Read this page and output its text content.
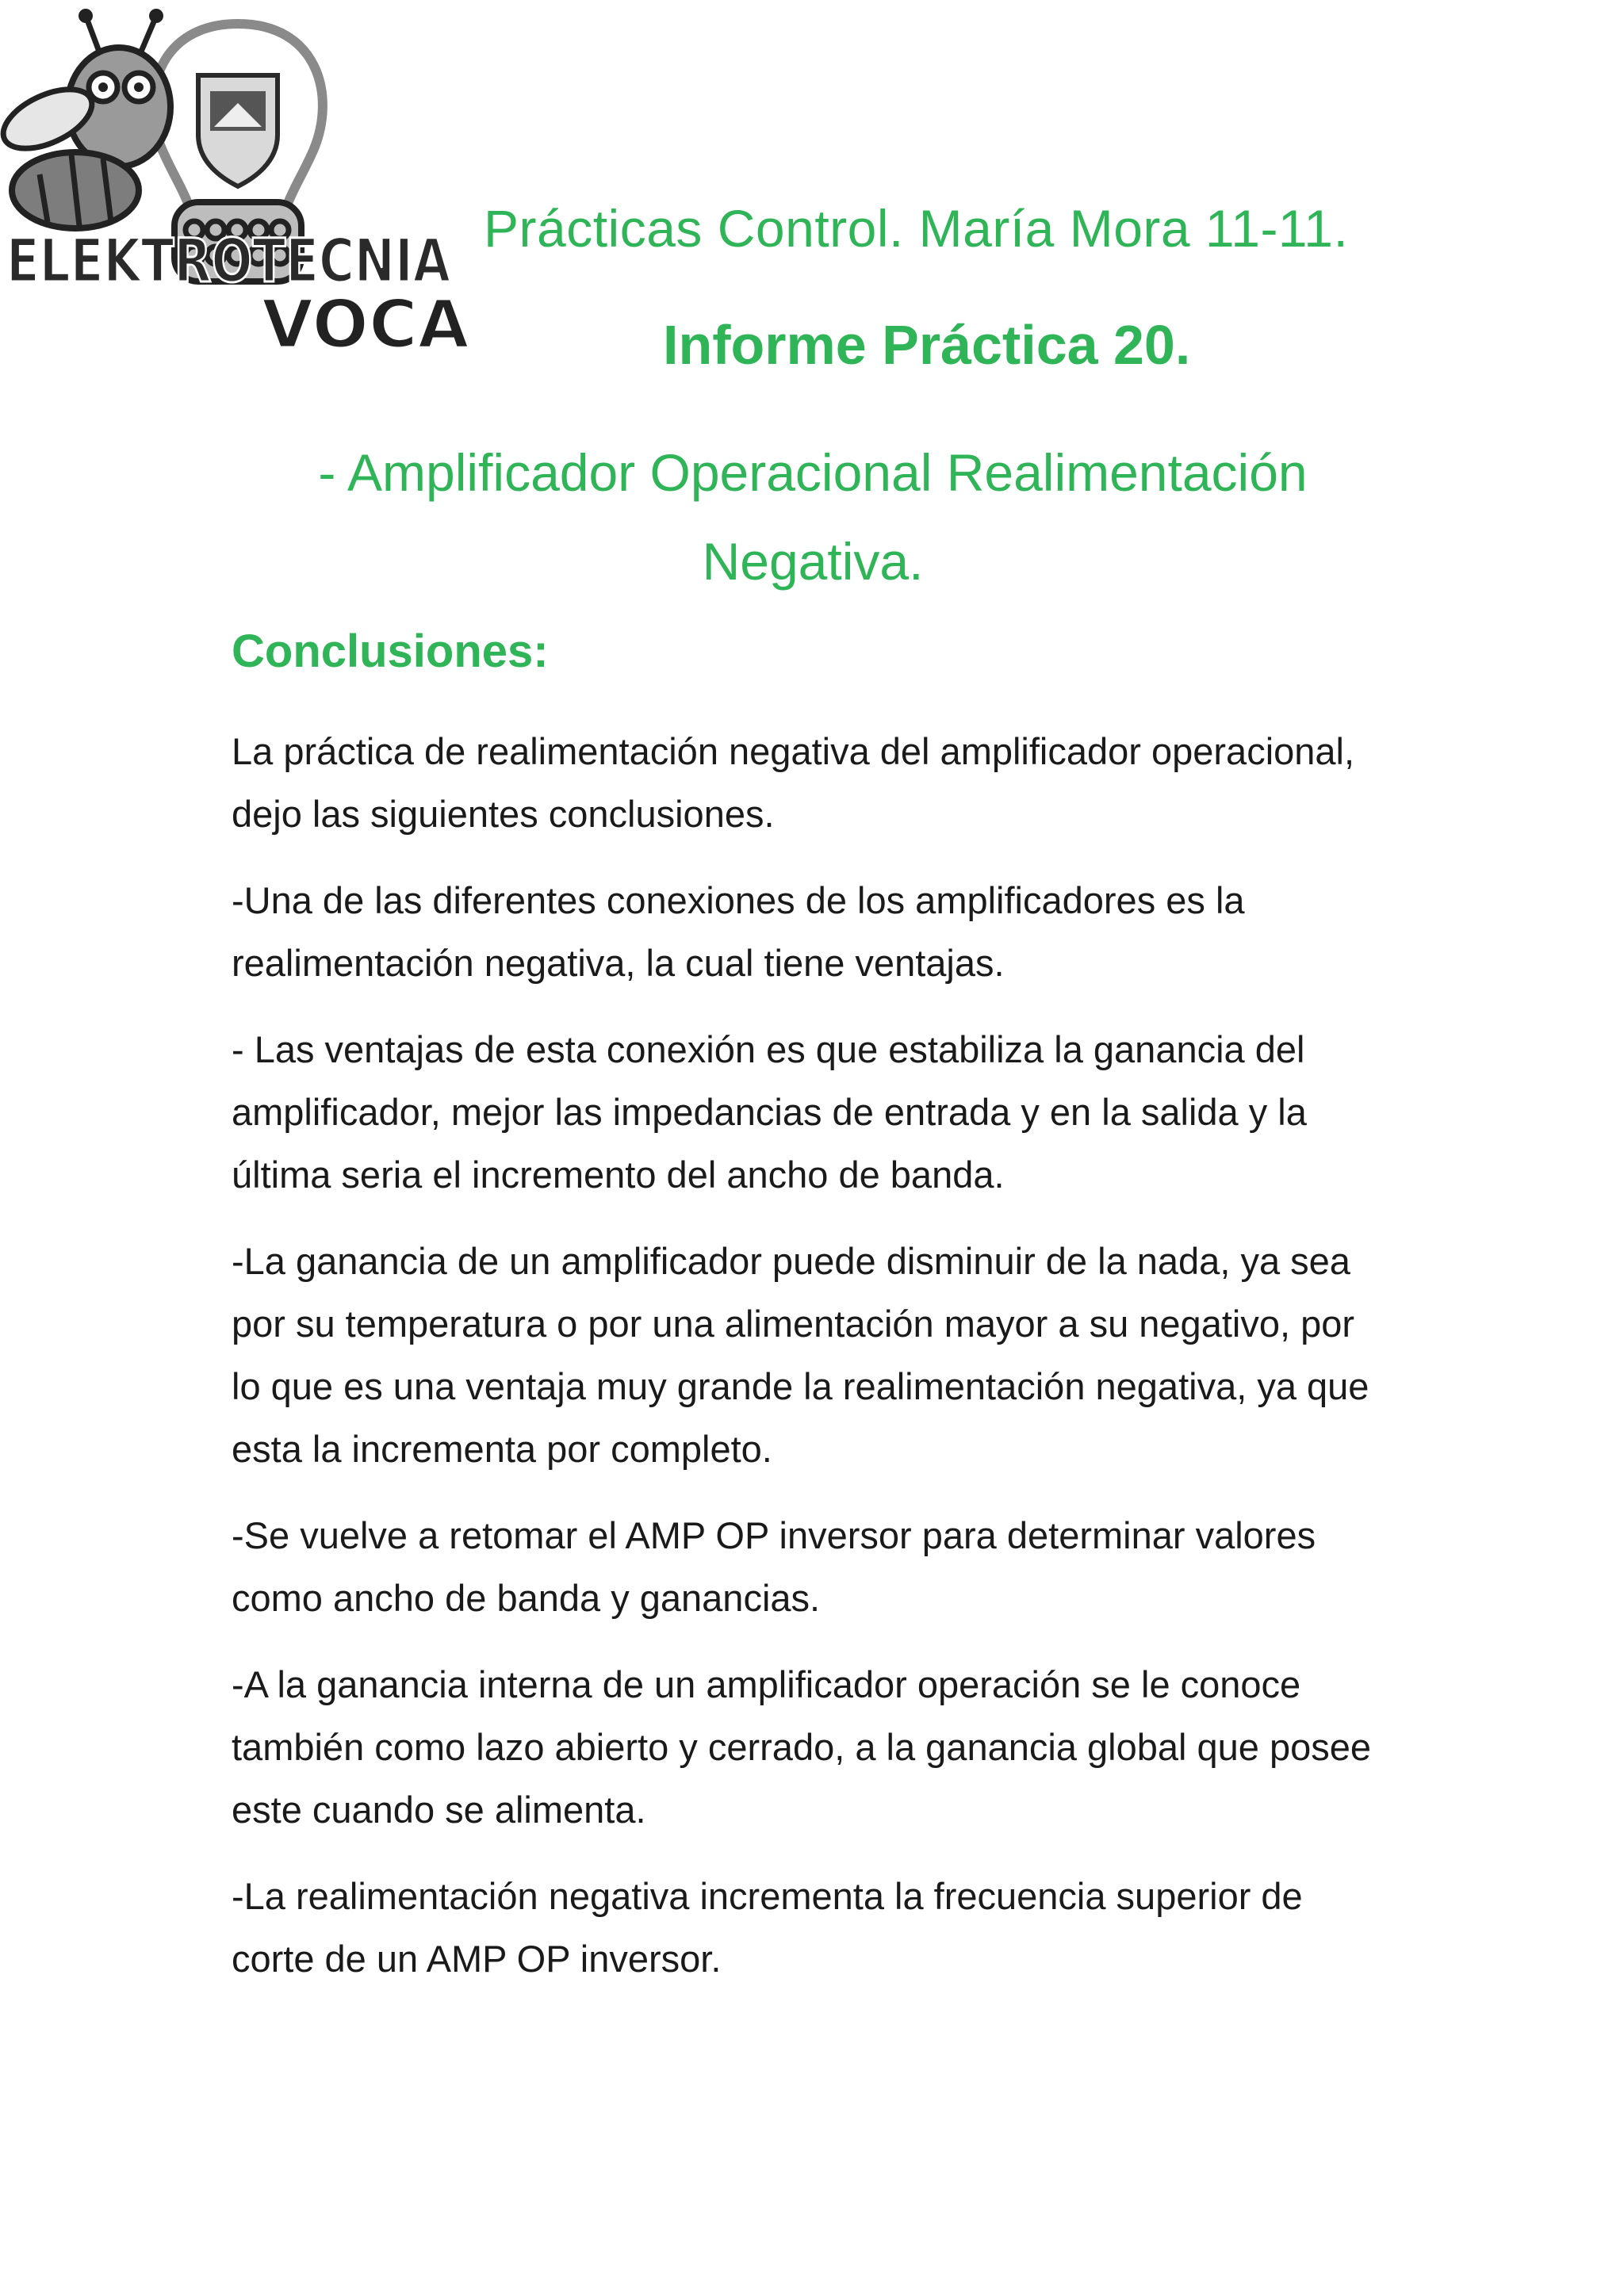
ELEKTROTECNIA
VOCA
Prácticas Control. María Mora 11-11.
Informe Práctica 20.
- Amplificador Operacional Realimentación
Negativa.
Conclusiones:

La práctica de realimentación negativa del amplificador operacional, dejo las siguientes conclusiones.

-Una de las diferentes conexiones de los amplificadores es la realimentación negativa, la cual tiene ventajas.

- Las ventajas de esta conexión es que estabiliza la ganancia del amplificador, mejor las impedancias de entrada y en la salida y la última seria el incremento del ancho de banda.

-La ganancia de un amplificador puede disminuir de la nada, ya sea por su temperatura o por una alimentación mayor a su negativo, por lo que es una ventaja muy grande la realimentación negativa, ya que esta la incrementa por completo.

-Se vuelve a retomar el AMP OP inversor para determinar valores como ancho de banda y ganancias.

-A la ganancia interna de un amplificador operación se le conoce también como lazo abierto y cerrado, a la ganancia global que posee este cuando se alimenta.

-La realimentación negativa incrementa la frecuencia superior de corte de un AMP OP inversor.
